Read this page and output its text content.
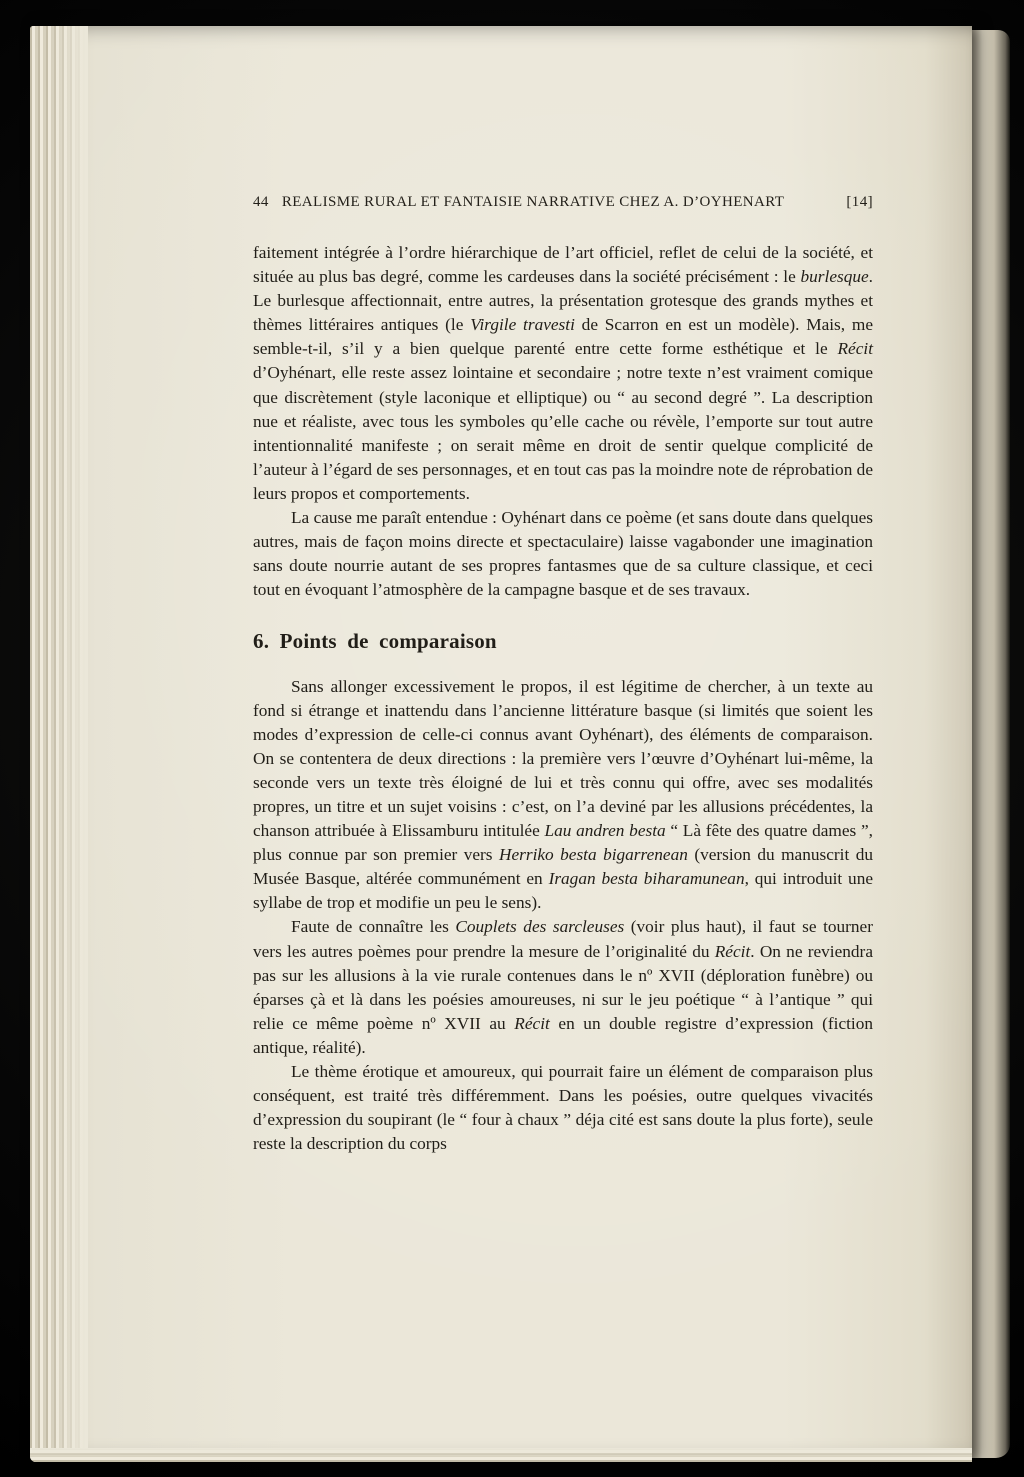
44 REALISME RURAL ET FANTAISIE NARRATIVE CHEZ A. D’OYHENART	[14]

faitement intégrée à l’ordre hiérarchique de l’art officiel, reflet de celui de la société, et située au plus bas degré, comme les cardeuses dans la société précisément : le burlesque. Le burlesque affectionnait, entre autres, la présentation grotesque des grands mythes et thèmes littéraires antiques (le Virgile travesti de Scarron en est un modèle). Mais, me semble-t-il, s’il y a bien quelque parenté entre cette forme esthétique et le Récit d’Oyhénart, elle reste assez lointaine et secondaire ; notre texte n’est vraiment comique que discrètement (style laconique et elliptique) ou “ au second degré ”. La description nue et réaliste, avec tous les symboles qu’elle cache ou révèle, l’emporte sur tout autre intentionnalité manifeste ; on serait même en droit de sentir quelque complicité de l’auteur à l’égard de ses personnages, et en tout cas pas la moindre note de réprobation de leurs propos et comportements.

La cause me paraît entendue : Oyhénart dans ce poème (et sans doute dans quelques autres, mais de façon moins directe et spectaculaire) laisse vagabonder une imagination sans doute nourrie autant de ses propres fantasmes que de sa culture classique, et ceci tout en évoquant l’atmosphère de la campagne basque et de ses travaux.

6. Points de comparaison

Sans allonger excessivement le propos, il est légitime de chercher, à un texte au fond si étrange et inattendu dans l’ancienne littérature basque (si limités que soient les modes d’expression de celle-ci connus avant Oyhénart), des éléments de comparaison. On se contentera de deux directions : la première vers l’œuvre d’Oyhénart lui-même, la seconde vers un texte très éloigné de lui et très connu qui offre, avec ses modalités propres, un titre et un sujet voisins : c’est, on l’a deviné par les allusions précédentes, la chanson attribuée à Elissamburu intitulée Lau andren besta “ Là fête des quatre dames ”, plus connue par son premier vers Herriko besta bigarrenean (version du manuscrit du Musée Basque, altérée communément en Iragan besta biharamunean, qui introduit une syllabe de trop et modifie un peu le sens).

Faute de connaître les Couplets des sarcleuses (voir plus haut), il faut se tourner vers les autres poèmes pour prendre la mesure de l’originalité du Récit. On ne reviendra pas sur les allusions à la vie rurale contenues dans le nº XVII (déploration funèbre) ou éparses çà et là dans les poésies amoureuses, ni sur le jeu poétique “ à l’antique ” qui relie ce même poème nº XVII au Récit en un double registre d’expression (fiction antique, réalité).

Le thème érotique et amoureux, qui pourrait faire un élément de comparaison plus conséquent, est traité très différemment. Dans les poésies, outre quelques vivacités d’expression du soupirant (le “ four à chaux ” déja cité est sans doute la plus forte), seule reste la description du corps
